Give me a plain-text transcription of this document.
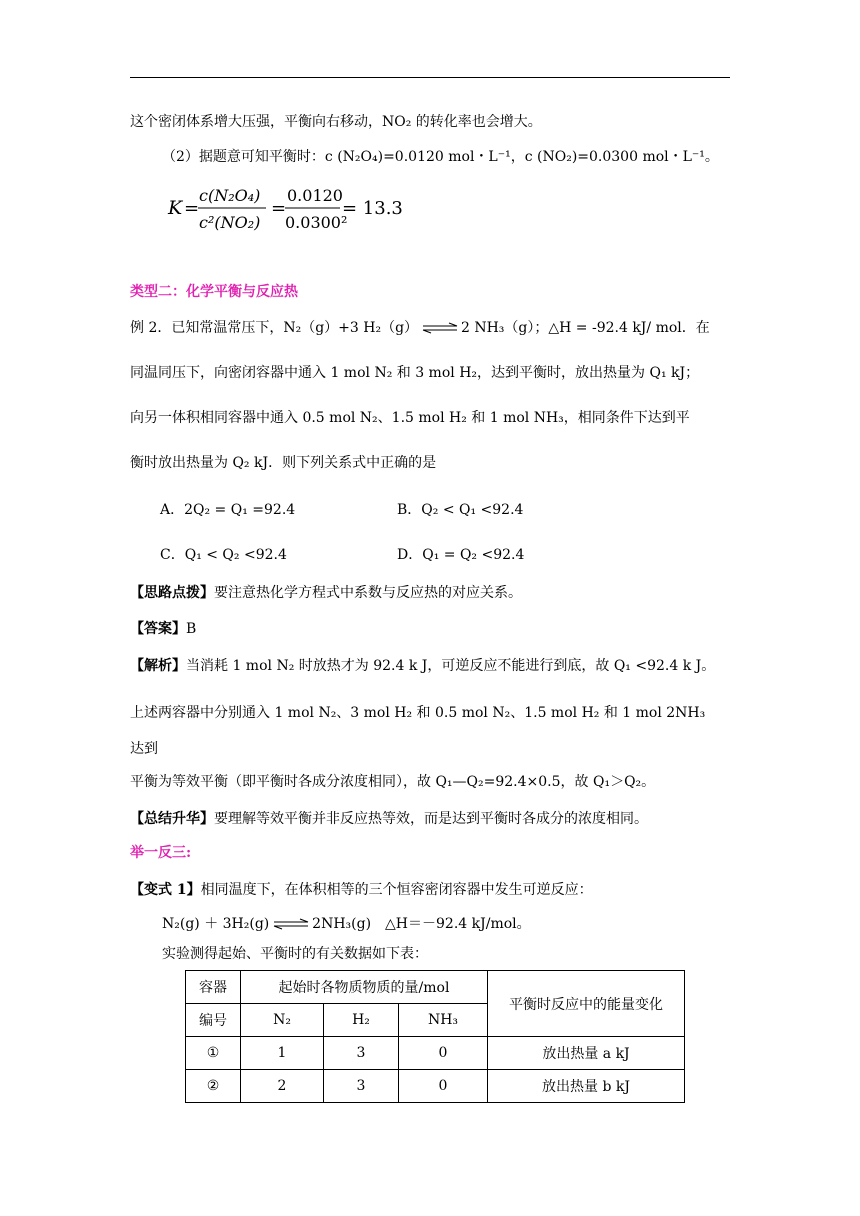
这个密闭体系增大压强，平衡向右移动，NO₂ 的转化率也会增大。
（2）据题意可知平衡时：c (N₂O₄)=0.0120 mol・L⁻¹，c (NO₂)=0.0300 mol・L⁻¹。
K =
c(N₂O₄)
c²(NO₂)
=
0.0120
0.0300²
= 13.3
类型二：化学平衡与反应热
例 2．已知常温常压下，N₂（g）+3 H₂（g） ⇌ 2 NH₃（g）；△H = -92.4 kJ/ mol．在
同温同压下，向密闭容器中通入 1 mol N₂ 和 3 mol H₂，达到平衡时，放出热量为 Q₁ kJ；
向另一体积相同容器中通入 0.5 mol N₂、1.5 mol H₂ 和 1 mol NH₃，相同条件下达到平
衡时放出热量为 Q₂ kJ．则下列关系式中正确的是
A．2Q₂ = Q₁ =92.4	B．Q₂ < Q₁ <92.4
C．Q₁ < Q₂ <92.4	D．Q₁ = Q₂ <92.4
【思路点拨】要注意热化学方程式中系数与反应热的对应关系。
【答案】B
【解析】当消耗 1 mol N₂ 时放热才为 92.4 k J，可逆反应不能进行到底，故 Q₁ <92.4 k J。
上述两容器中分别通入 1 mol N₂、3 mol H₂ 和 0.5 mol N₂、1.5 mol H₂ 和 1 mol 2NH₃
达到
平衡为等效平衡（即平衡时各成分浓度相同），故 Q₁—Q₂=92.4×0.5，故 Q₁＞Q₂。
【总结升华】要理解等效平衡并非反应热等效，而是达到平衡时各成分的浓度相同。
举一反三:
【变式 1】相同温度下，在体积相等的三个恒容密闭容器中发生可逆反应：
N₂(g) ＋ 3H₂(g) ⇌ 2NH₃(g)　△H＝－92.4 kJ/mol。
实验测得起始、平衡时的有关数据如下表：
容器	起始时各物质物质的量/mol			平衡时反应中的能量变化
编号	N₂	H₂	NH₃	
①	1	3	0	放出热量 a kJ
②	2	3	0	放出热量 b kJ
